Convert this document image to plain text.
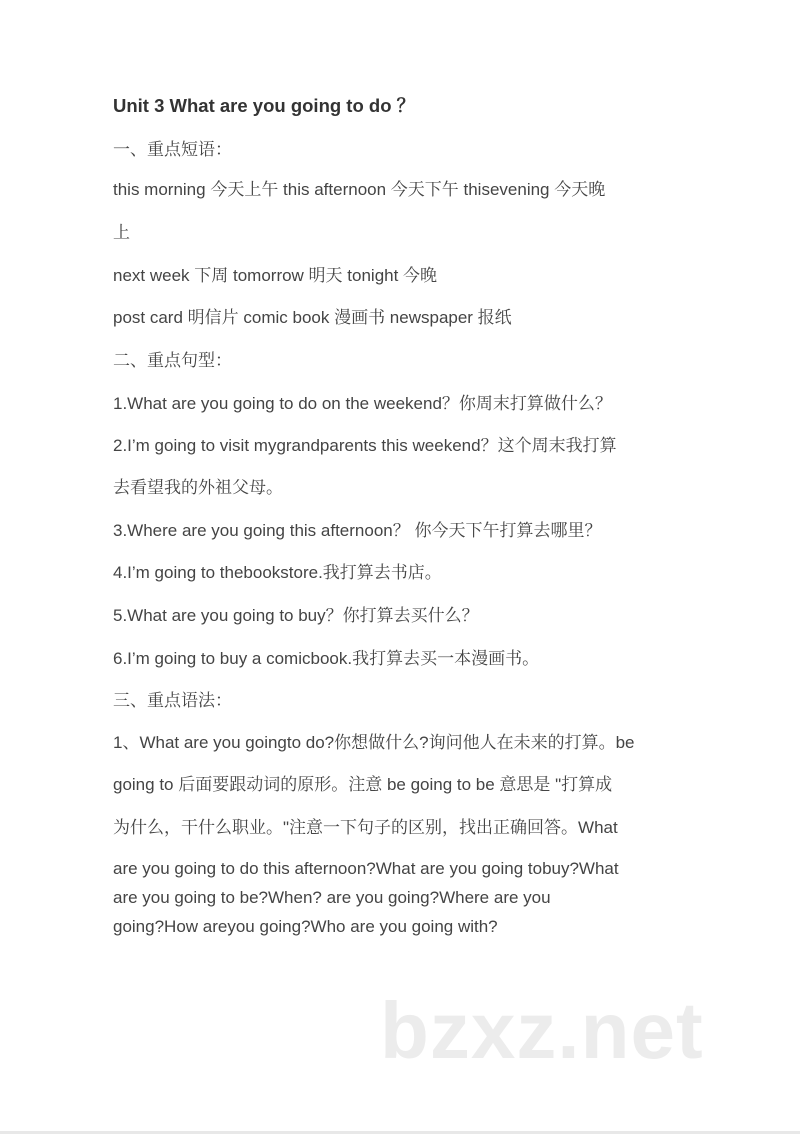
Unit 3 What are you going to do ？
一、重点短语：
this morning 今天上午 this afternoon 今天下午 thisevening 今天晚
上
next week 下周 tomorrow 明天 tonight 今晚
post card 明信片 comic book 漫画书 newspaper 报纸
二、重点句型：
1.What are you going to do on the weekend？你周末打算做什么？
2.I’m going to visit mygrandparents this weekend？这个周末我打算
去看望我的外祖父母。
3.Where are you going this afternoon？ 你今天下午打算去哪里？
4.I’m going to thebookstore.我打算去书店。
5.What are you going to buy？你打算去买什么？
6.I’m going to buy a comicbook.我打算去买一本漫画书。
三、重点语法：
1、What are you goingto do?你想做什么?询问他人在未来的打算。be
going to 后面要跟动词的原形。注意 be going to be 意思是 "打算成
为什么，干什么职业。"注意一下句子的区别，找出正确回答。What
are you going to do this afternoon?What are you going tobuy?What
are you going to be?When? are you going?Where are you
going?How areyou going?Who are you going with?
bzxz.net
